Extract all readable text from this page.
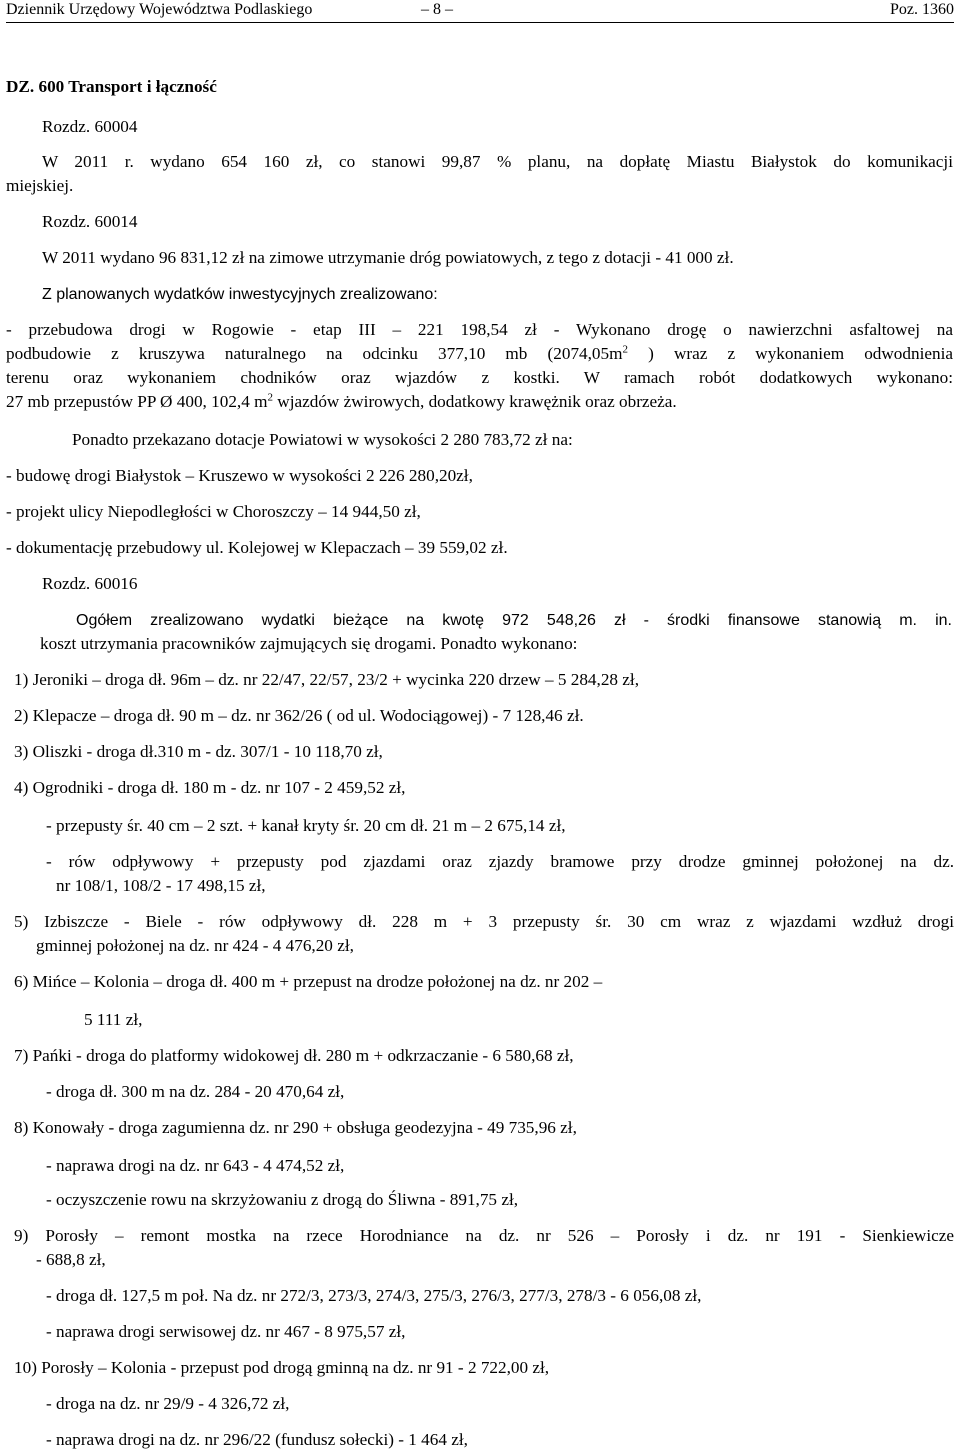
Dziennik Urzędowy Województwa Podlaskiego	– 8 –	Poz. 1360
DZ. 600 Transport i łączność
Rozdz. 60004
W 2011 r. wydano 654 160 zł, co stanowi 99,87 % planu, na dopłatę Miastu Białystok do komunikacji
miejskiej.
Rozdz. 60014
W 2011 wydano 96 831,12 zł na zimowe utrzymanie dróg powiatowych, z tego z dotacji - 41 000 zł.
Z planowanych wydatków inwestycyjnych zrealizowano:
- przebudowa drogi w Rogowie - etap III – 221 198,54 zł - Wykonano drogę o nawierzchni asfaltowej na
podbudowie z kruszywa naturalnego na odcinku 377,10 mb ($2074,05m^2$ ) wraz z wykonaniem odwodnienia
terenu oraz wykonaniem chodników oraz wjazdów z kostki. W ramach robót dodatkowych wykonano:
27 mb przepustów PP Ø 400, 102,4 $m^2$ wjazdów żwirowych, dodatkowy krawężnik oraz obrzeża.
Ponadto przekazano dotacje Powiatowi w wysokości 2 280 783,72 zł na:
- budowę drogi Białystok – Kruszewo w wysokości 2 226 280,20zł,
- projekt ulicy Niepodległości w Choroszczy – 14 944,50 zł,
- dokumentację przebudowy ul. Kolejowej w Klepaczach – 39 559,02 zł.
Rozdz. 60016
Ogółem zrealizowano wydatki bieżące na kwotę 972 548,26 zł - środki finansowe stanowią m. in.
koszt utrzymania pracowników zajmujących się drogami. Ponadto wykonano:
1) Jeroniki – droga dł. 96m – dz. nr 22/47, 22/57, 23/2 + wycinka 220 drzew – 5 284,28 zł,
2) Klepacze – droga dł. 90 m – dz. nr 362/26 ( od ul. Wodociągowej) - 7 128,46 zł.
3) Oliszki - droga dł.310 m - dz. 307/1 - 10 118,70 zł,
4) Ogrodniki - droga dł. 180 m - dz. nr 107 - 2 459,52 zł,
- przepusty śr. 40 cm – 2 szt. + kanał kryty śr. 20 cm dł. 21 m – 2 675,14 zł,
- rów odpływowy + przepusty pod zjazdami oraz zjazdy bramowe przy drodze gminnej położonej na dz.
nr 108/1, 108/2 - 17 498,15 zł,
5) Izbiszcze - Biele - rów odpływowy dł. 228 m + 3 przepusty śr. 30 cm wraz z wjazdami wzdłuż drogi
gminnej położonej na dz. nr 424 - 4 476,20 zł,
6) Mińce – Kolonia – droga dł. 400 m + przepust na drodze położonej na dz. nr 202 –
5 111 zł,
7) Pańki - droga do platformy widokowej dł. 280 m + odkrzaczanie - 6 580,68 zł,
- droga dł. 300 m na dz. 284 - 20 470,64 zł,
8) Konowały - droga zagumienna dz. nr 290 + obsługa geodezyjna - 49 735,96 zł,
- naprawa drogi na dz. nr 643 - 4 474,52 zł,
- oczyszczenie rowu na skrzyżowaniu z drogą do Śliwna - 891,75 zł,
9) Porosły – remont mostka na rzece Horodniance na dz. nr 526 – Porosły i dz. nr 191 - Sienkiewicze
- 688,8 zł,
- droga dł. 127,5 m poł. Na dz. nr 272/3, 273/3, 274/3, 275/3, 276/3, 277/3, 278/3 - 6 056,08 zł,
- naprawa drogi serwisowej dz. nr 467 - 8 975,57 zł,
10) Porosły – Kolonia - przepust pod drogą gminną na dz. nr 91 - 2 722,00 zł,
- droga na dz. nr 29/9 - 4 326,72 zł,
- naprawa drogi na dz. nr 296/22 (fundusz sołecki) - 1 464 zł,
